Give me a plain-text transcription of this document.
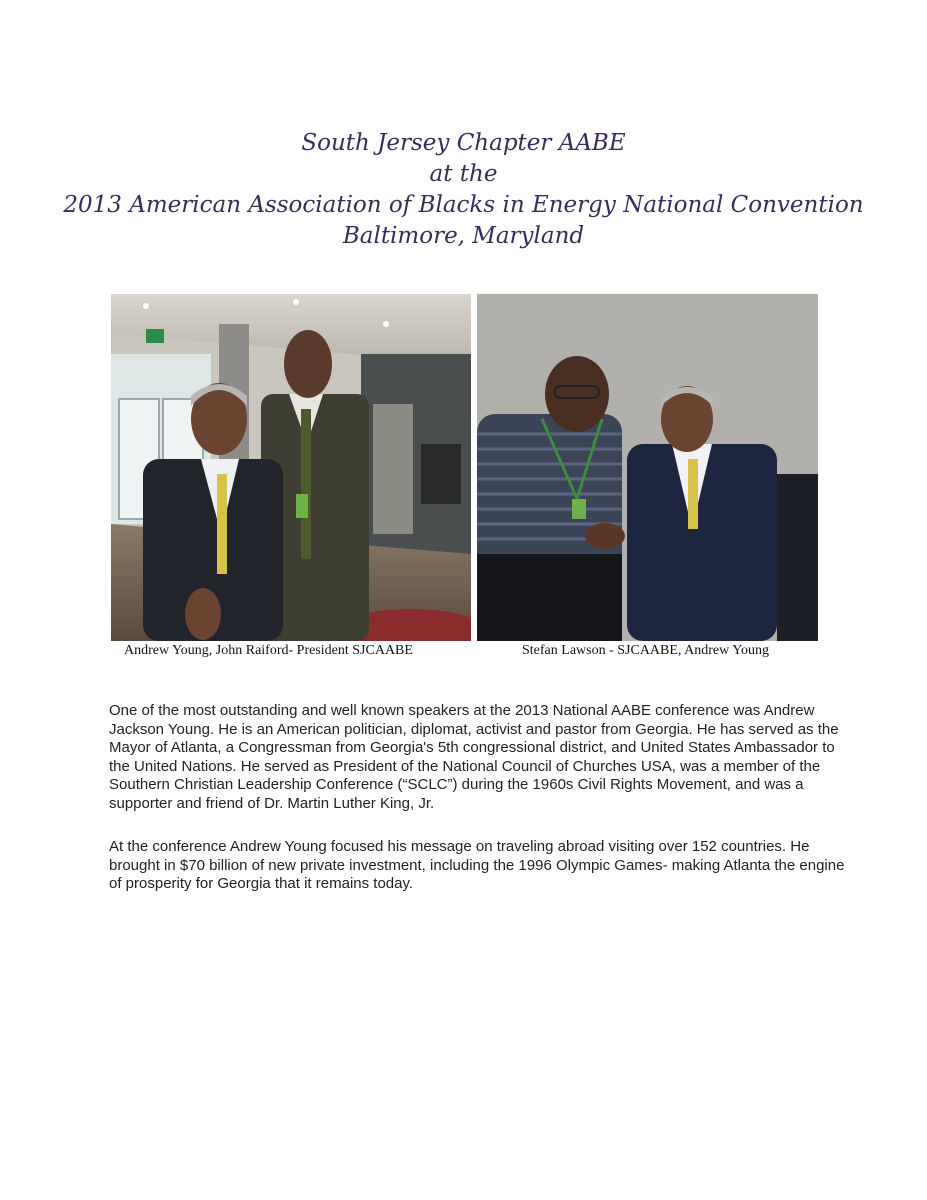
South Jersey Chapter AABE
at the
2013 American Association of Blacks in Energy National Convention
Baltimore, Maryland
Andrew Young, John Raiford- President SJCAABE	Stefan Lawson - SJCAABE, Andrew Young

One of the most outstanding and well known speakers at the 2013 National AABE conference was Andrew Jackson Young. He is an American politician, diplomat, activist and pastor from Georgia. He has served as the Mayor of Atlanta, a Congressman from Georgia's 5th congressional district, and United States Ambassador to the United Nations. He served as President of the National Council of Churches USA, was a member of the Southern Christian Leadership Conference (“SCLC”) during the 1960s Civil Rights Movement, and was a supporter and friend of Dr. Martin Luther King, Jr.

At the conference Andrew Young focused his message on traveling abroad visiting over 152 countries. He brought in $70 billion of new private investment, including the 1996 Olympic Games- making Atlanta the engine of prosperity for Georgia that it remains today.
